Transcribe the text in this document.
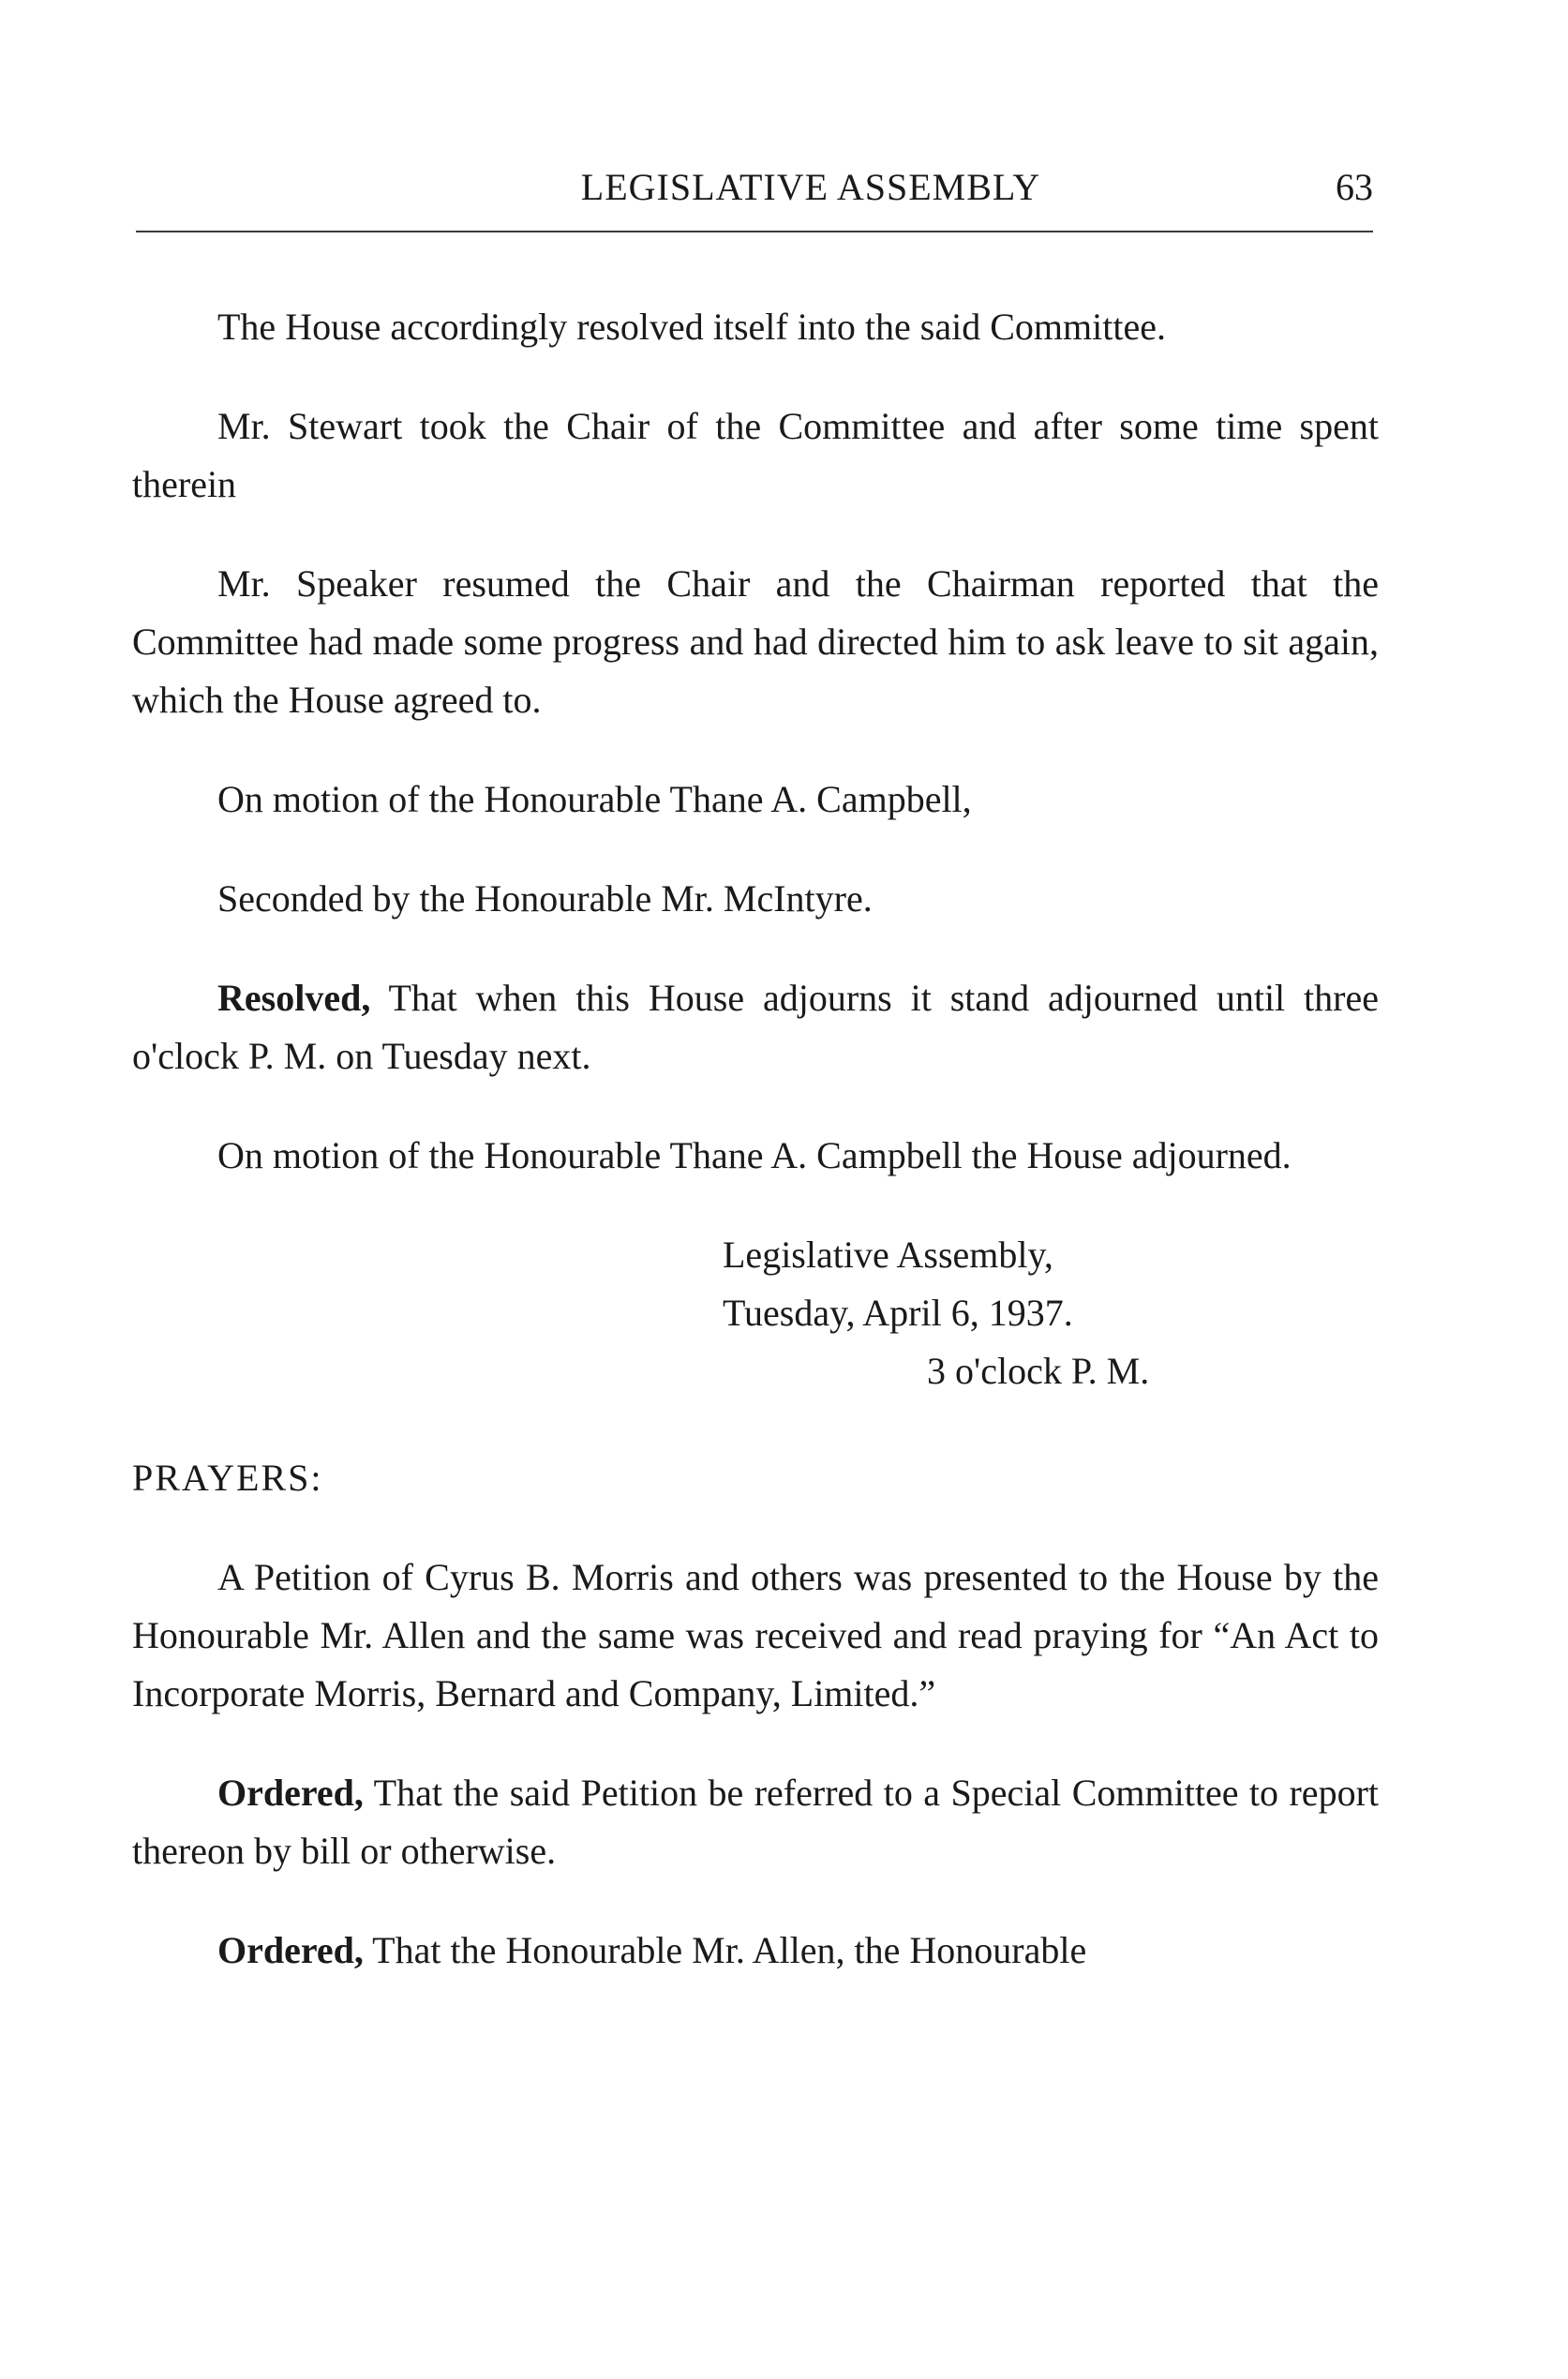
LEGISLATIVE ASSEMBLY	63

The House accordingly resolved itself into the said Committee.

Mr. Stewart took the Chair of the Committee and after some time spent therein

Mr. Speaker resumed the Chair and the Chairman reported that the Committee had made some progress and had directed him to ask leave to sit again, which the House agreed to.

On motion of the Honourable Thane A. Campbell,

Seconded by the Honourable Mr. McIntyre.

Resolved, That when this House adjourns it stand adjourned until three o'clock P. M. on Tuesday next.

On motion of the Honourable Thane A. Campbell the House adjourned.

Legislative Assembly,
Tuesday, April 6, 1937.
3 o'clock P. M.
PRAYERS:

A Petition of Cyrus B. Morris and others was presented to the House by the Honourable Mr. Allen and the same was received and read praying for “An Act to Incorporate Morris, Bernard and Company, Limited.”

Ordered, That the said Petition be referred to a Special Committee to report thereon by bill or otherwise.

Ordered, That the Honourable Mr. Allen, the Honourable
